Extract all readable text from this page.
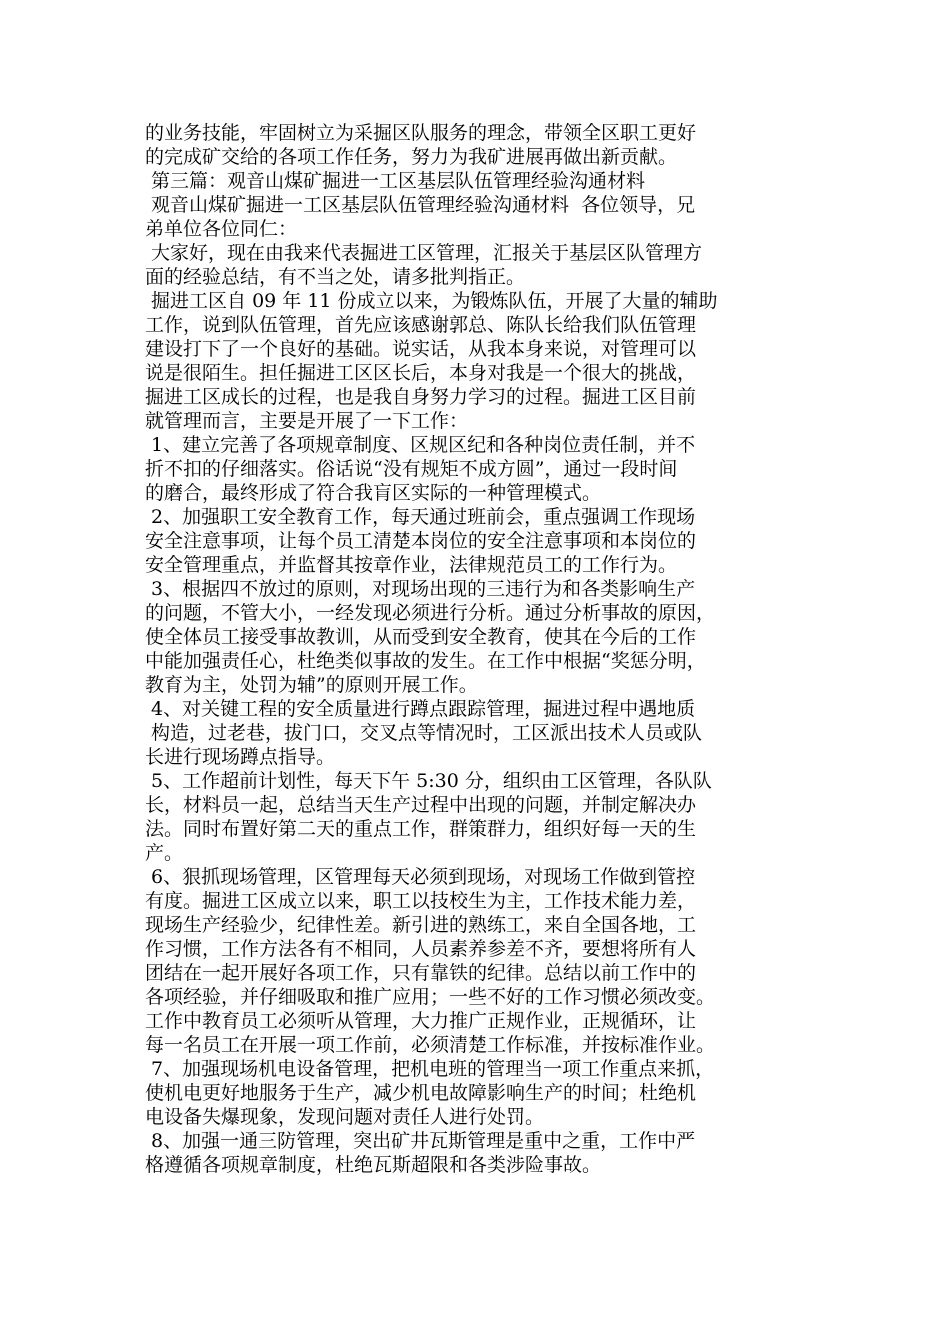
的业务技能，牢固树立为采掘区队服务的理念，带领全区职工更好
的完成矿交给的各项工作任务，努力为我矿进展再做出新贡献。
第三篇：观音山煤矿掘进一工区基层队伍管理经验沟通材料
观音山煤矿掘进一工区基层队伍管理经验沟通材料  各位领导，兄
弟单位各位同仁：
大家好，现在由我来代表掘进工区管理，汇报关于基层区队管理方
面的经验总结，有不当之处，请多批判指正。
掘进工区自 09 年 11 份成立以来，为锻炼队伍，开展了大量的辅助
工作，说到队伍管理，首先应该感谢郭总、陈队长给我们队伍管理
建设打下了一个良好的基础。说实话，从我本身来说，对管理可以
说是很陌生。担任掘进工区区长后，本身对我是一个很大的挑战，
掘进工区成长的过程，也是我自身努力学习的过程。掘进工区目前
就管理而言，主要是开展了一下工作：
1、建立完善了各项规章制度、区规区纪和各种岗位责任制，并不
折不扣的仔细落实。俗话说“没有规矩不成方圆”，通过一段时间
的磨合，最终形成了符合我肓区实际的一种管理模式。
2、加强职工安全教育工作，每天通过班前会，重点强调工作现场
安全注意事项，让每个员工清楚本岗位的安全注意事项和本岗位的
安全管理重点，并监督其按章作业，法律规范员工的工作行为。
3、根据四不放过的原则，对现场出现的三违行为和各类影响生产
的问题，不管大小，一经发现必须进行分析。通过分析事故的原因，
使全体员工接受事故教训，从而受到安全教育，使其在今后的工作
中能加强责任心，杜绝类似事故的发生。在工作中根据“奖惩分明，
教育为主，处罚为辅”的原则开展工作。
4、对关键工程的安全质量进行蹲点跟踪管理，掘进过程中遇地质
构造，过老巷，拔门口，交叉点等情况时，工区派出技术人员或队
长进行现场蹲点指导。
5、工作超前计划性，每天下午 5:30 分，组织由工区管理，各队队
长，材料员一起，总结当天生产过程中出现的问题，并制定解决办
法。同时布置好第二天的重点工作，群策群力，组织好每一天的生
产。
6、狠抓现场管理，区管理每天必须到现场，对现场工作做到管控
有度。掘进工区成立以来，职工以技校生为主，工作技术能力差，
现场生产经验少，纪律性差。新引进的熟练工，来自全国各地，工
作习惯，工作方法各有不相同，人员素养参差不齐，要想将所有人
团结在一起开展好各项工作，只有靠铁的纪律。总结以前工作中的
各项经验，并仔细吸取和推广应用；一些不好的工作习惯必须改变。
工作中教育员工必须听从管理，大力推广正规作业，正规循环，让
每一名员工在开展一项工作前，必须清楚工作标准，并按标准作业。
7、加强现场机电设备管理，把机电班的管理当一项工作重点来抓，
使机电更好地服务于生产，减少机电故障影响生产的时间；杜绝机
电设备失爆现象，发现问题对责任人进行处罚。
8、加强一通三防管理，突出矿井瓦斯管理是重中之重，工作中严
格遵循各项规章制度，杜绝瓦斯超限和各类涉险事故。
